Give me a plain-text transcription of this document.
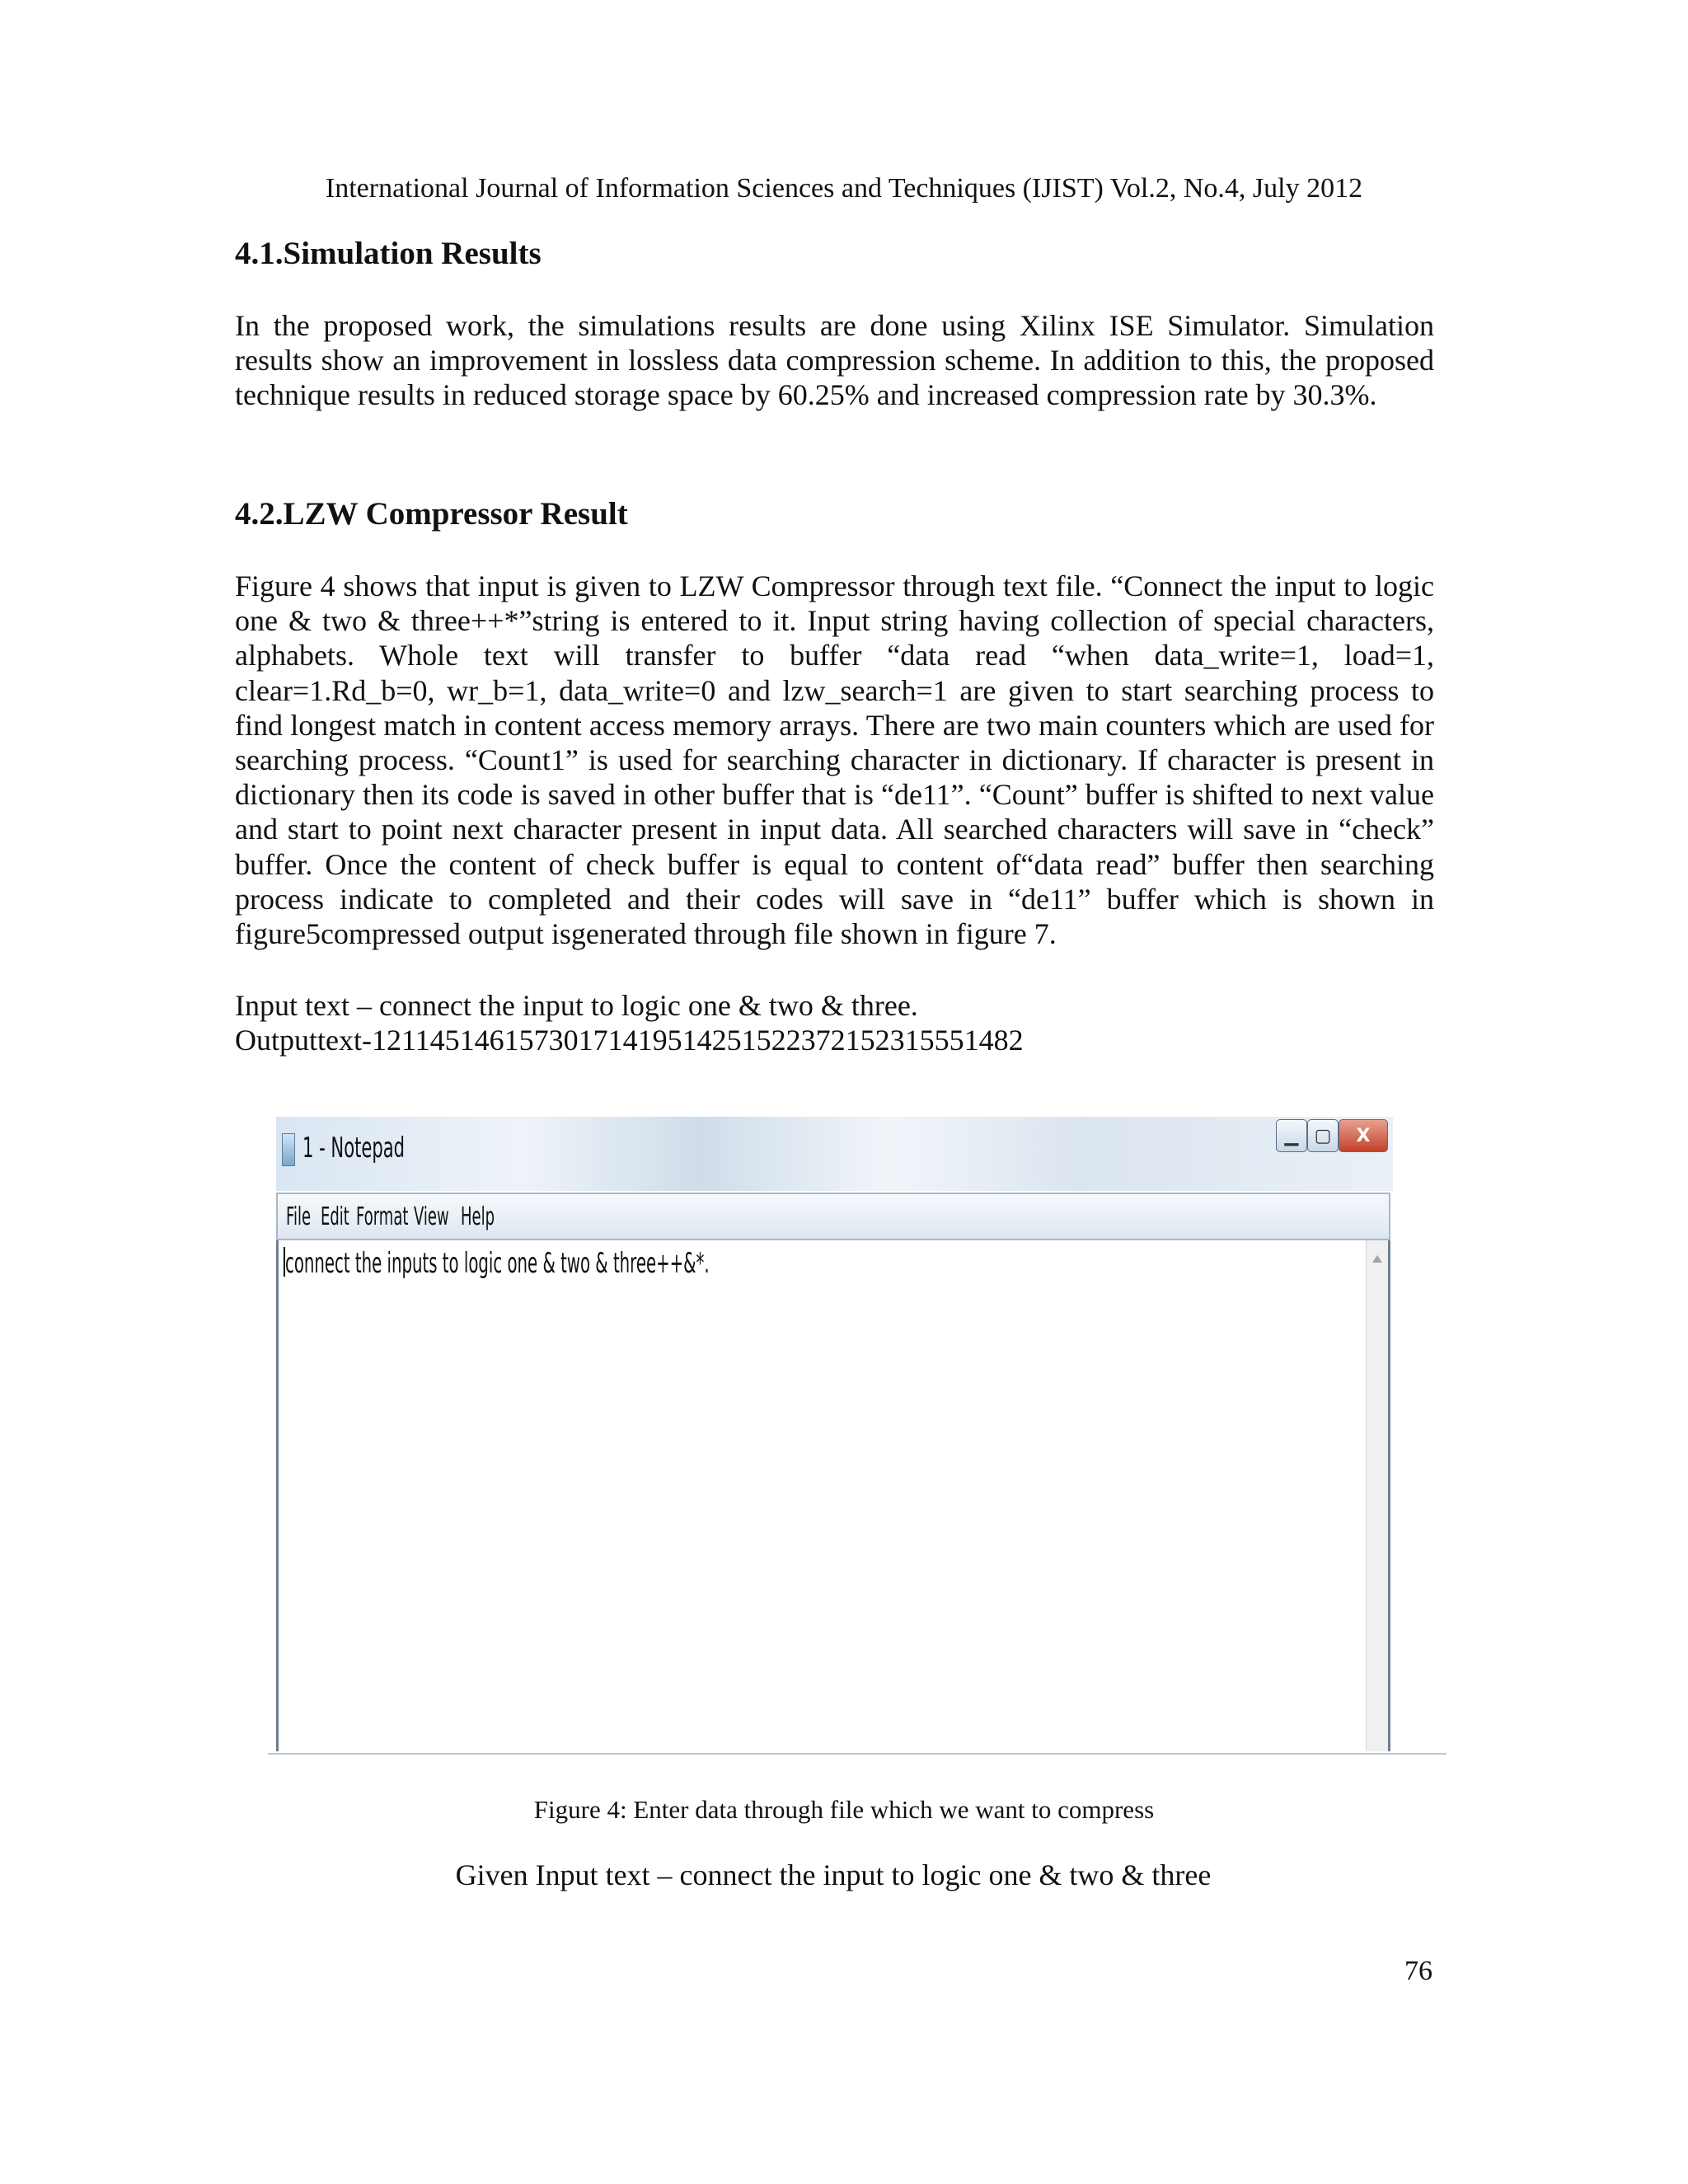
International Journal of Information Sciences and Techniques (IJIST) Vol.2, No.4, July 2012
4.1.Simulation Results

In the proposed work, the simulations results are done using Xilinx ISE Simulator. Simulation results show an improvement in lossless data compression scheme. In addition to this, the proposed technique results in reduced storage space by 60.25% and increased compression rate by 30.3%.

4.2.LZW Compressor Result

Figure 4 shows that input is given to LZW Compressor through text file. “Connect the input to logic one & two & three++*”string is entered to it. Input string having collection of special characters, alphabets. Whole text will transfer to buffer “data read “when data_write=1, load=1, clear=1.Rd_b=0, wr_b=1, data_write=0 and lzw_search=1 are given to start searching process to find longest match in content access memory arrays. There are two main counters which are used for searching process. “Count1” is used for searching character in dictionary. If character is present in dictionary then its code is saved in other buffer that is “de11”. “Count” buffer is shifted to next value and start to point next character present in input data. All searched characters will save in “check” buffer. Once the content of check buffer is equal to content of“data read” buffer then searching process indicate to completed and their codes will save in “de11” buffer which is shown in figure5compressed output isgenerated through file shown in figure 7.

Input text – connect the input to logic one & two & three.
Outputtext-12114514615730171419514251522372152315551482
1 - Notepad	▁ ▢ X
File Edit Format View Help
connect the inputs to logic one & two & three++&*.
Figure 4: Enter data through file which we want to compress
Given Input text – connect the input to logic one & two & three
76
